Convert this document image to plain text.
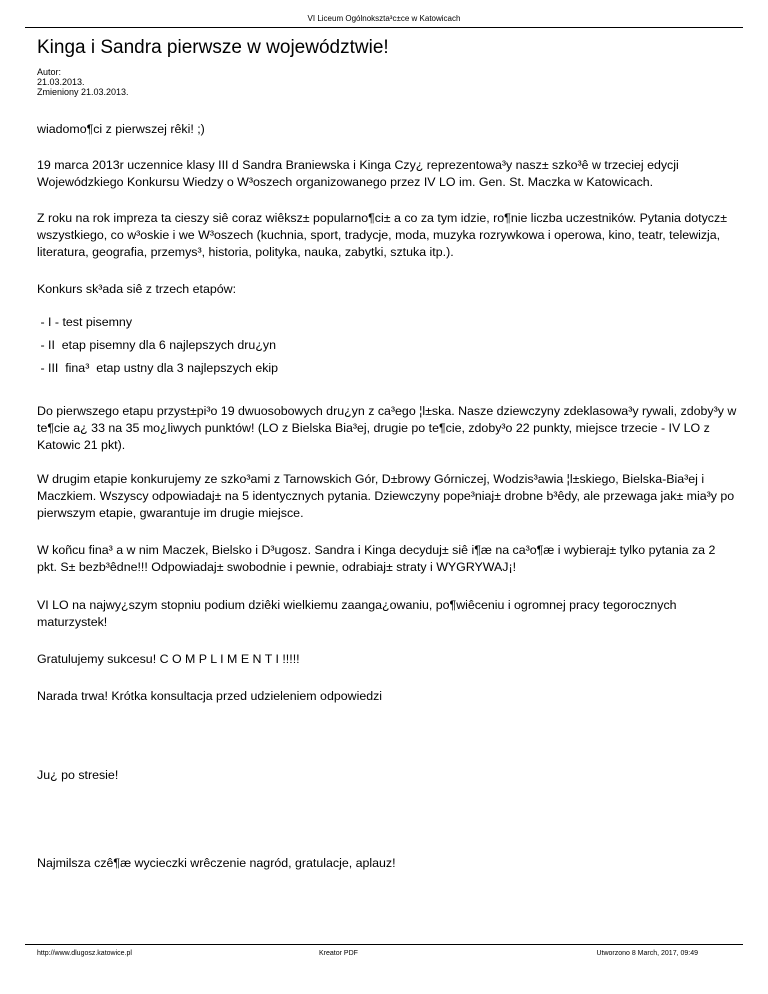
VI Liceum Ogólnokszta³c±ce w Katowicach
Kinga i Sandra pierwsze w województwie!
Autor:
21.03.2013.
Zmieniony 21.03.2013.

wiadomo¶ci z pierwszej rêki! ;)

19 marca 2013r uczennice klasy III d Sandra Braniewska i Kinga Czy¿ reprezentowa³y nasz± szko³ê w trzeciej edycji Wojewódzkiego Konkursu Wiedzy o W³oszech organizowanego przez IV LO im. Gen. St. Maczka w Katowicach.

Z roku na rok impreza ta cieszy siê coraz wiêksz± popularno¶ci± a co za tym idzie, ro¶nie liczba uczestników. Pytania dotycz± wszystkiego, co w³oskie i we W³oszech (kuchnia, sport, tradycje, moda, muzyka rozrywkowa i operowa, kino, teatr, telewizja, literatura, geografia, przemys³, historia, polityka, nauka, zabytki, sztuka itp.).

Konkurs sk³ada siê z trzech etapów:

- I - test pisemny

- II  etap pisemny dla 6 najlepszych dru¿yn

- III  fina³  etap ustny dla 3 najlepszych ekip

Do pierwszego etapu przyst±pi³o 19 dwuosobowych dru¿yn z ca³ego ¦l±ska. Nasze dziewczyny zdeklasowa³y rywali, zdoby³y w te¶cie a¿ 33 na 35 mo¿liwych punktów! (LO z Bielska Bia³ej, drugie po te¶cie, zdoby³o 22 punkty, miejsce trzecie - IV LO z Katowic 21 pkt).

W drugim etapie konkurujemy ze szko³ami z Tarnowskich Gór, D±browy Górniczej, Wodzis³awia ¦l±skiego, Bielska-Bia³ej i Maczkiem. Wszyscy odpowiadaj± na 5 identycznych pytania. Dziewczyny pope³niaj± drobne b³êdy, ale przewaga jak± mia³y po pierwszym etapie, gwarantuje im drugie miejsce.

W koñcu fina³ a w nim Maczek, Bielsko i D³ugosz. Sandra i Kinga decyduj± siê i¶æ na ca³o¶æ i wybieraj± tylko pytania za 2 pkt. S± bezb³êdne!!! Odpowiadaj± swobodnie i pewnie, odrabiaj± straty i WYGRYWAJ¡!

VI LO na najwy¿szym stopniu podium dziêki wielkiemu zaanga¿owaniu, po¶wiêceniu i ogromnej pracy tegorocznych maturzystek!

Gratulujemy sukcesu! C O M P L I M E N T I !!!!!

Narada trwa! Krótka konsultacja przed udzieleniem odpowiedzi

Ju¿ po stresie!

Najmilsza czê¶æ wycieczki wrêczenie nagród, gratulacje, aplauz!

http://www.dlugosz.katowice.pl	Kreator PDF	Utworzono 8 March, 2017, 09:49
